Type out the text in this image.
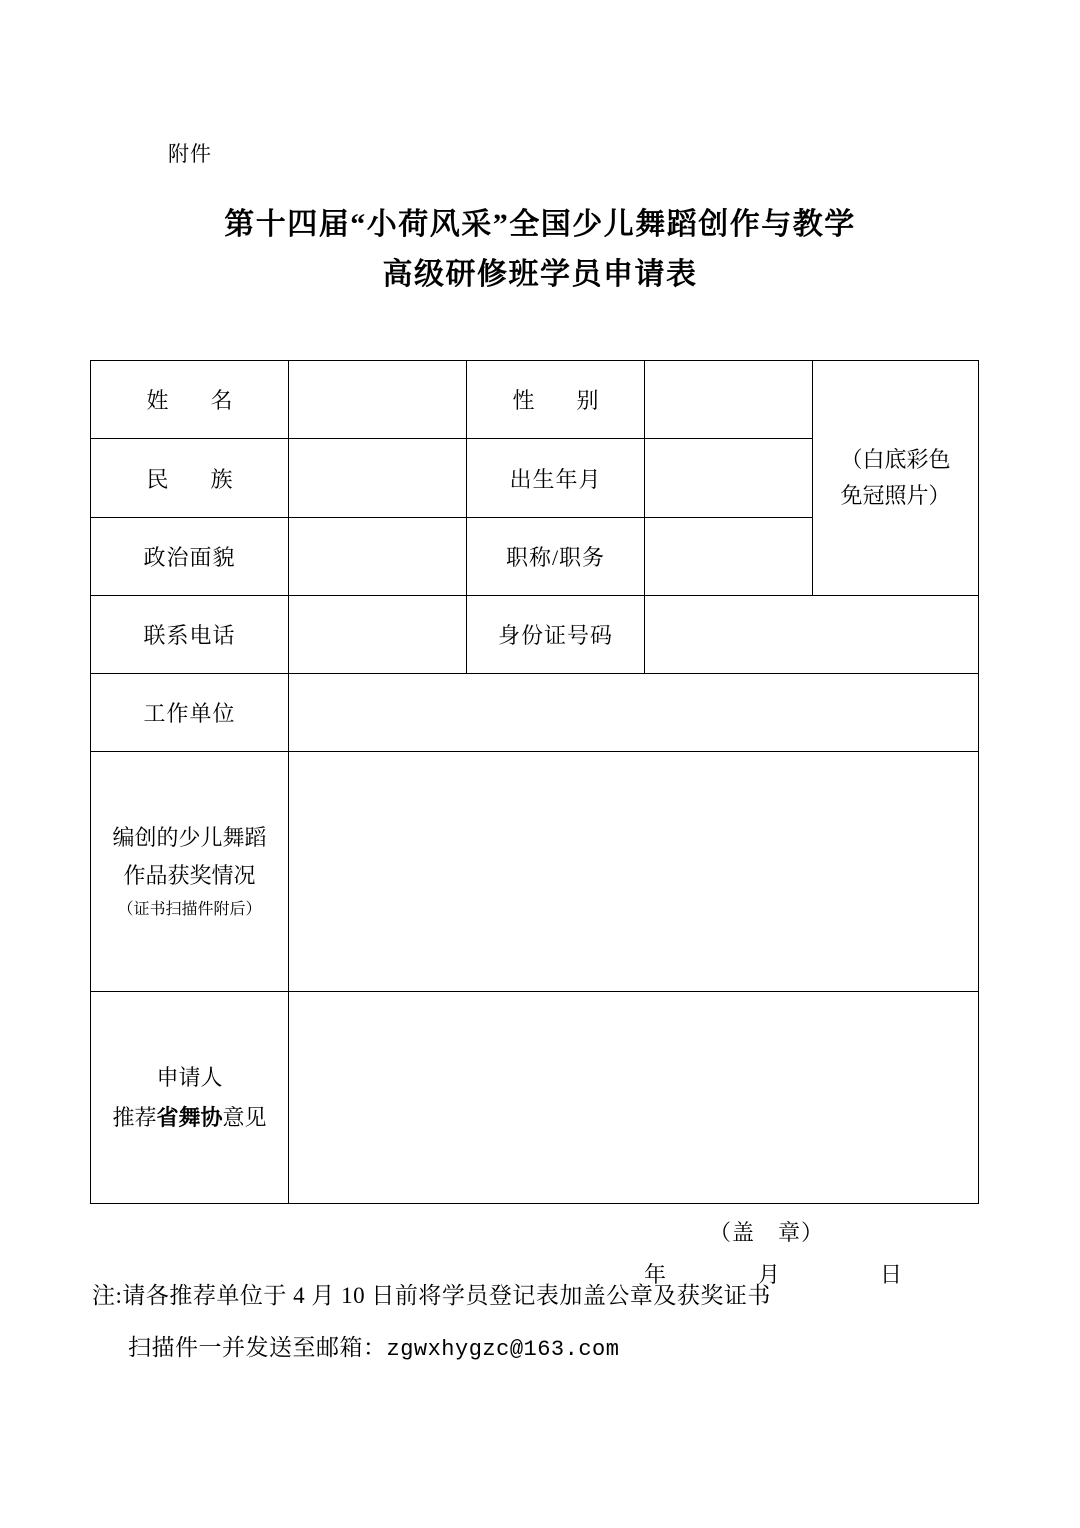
附件
第十四届“小荷风采”全国少儿舞蹈创作与教学
高级研修班学员申请表
姓　名		性　别		（白底彩色
免冠照片）

民　族		出生年月		
政治面貌		职称/职务		
联系电话		身份证号码		
工作单位				

编创的少儿舞蹈
作品获奖情况
（证书扫描件附后）				

申请人
推荐省舞协意见

（盖　章）
年	月	日
注:请各推荐单位于 4 月 10 日前将学员登记表加盖公章及获奖证书
扫描件一并发送至邮箱：zgwxhygzc@163.com
